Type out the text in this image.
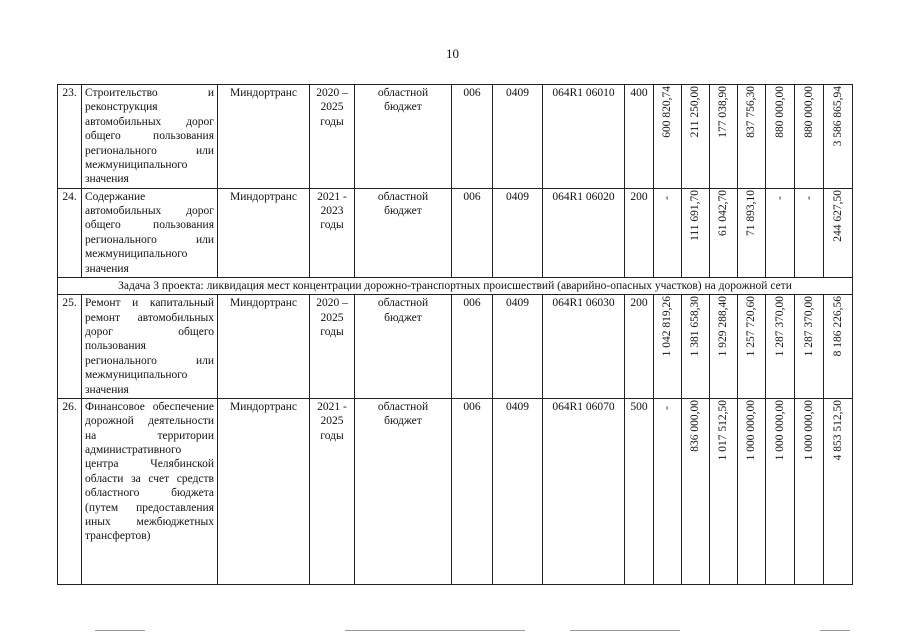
10
23.	Строительство и реконструкция автомобильных дорог общего пользования регионального или межмуниципального значения	Миндортранс	2020 – 2025 годы	областной бюджет	006	0409	064R1 06010	400	600 820,74	211 250,00	177 038,90	837 756,30	880 000,00	880 000,00	3 586 865,94
24.	Содержание автомобильных дорог общего пользования регионального или межмуниципального значения	Миндортранс	2021 - 2023 годы	областной бюджет	006	0409	064R1 06020	200	-	111 691,70	61 042,70	71 893,10	-	-	244 627,50
Задача 3 проекта: ликвидация мест концентрации дорожно-транспортных происшествий (аварийно-опасных участков) на дорожной сети															
25.	Ремонт и капитальный ремонт автомобильных дорог общего пользования регионального или межмуниципального значения	Миндортранс	2020 – 2025 годы	областной бюджет	006	0409	064R1 06030	200	1 042 819,26	1 381 658,30	1 929 288,40	1 257 720,60	1 287 370,00	1 287 370,00	8 186 226,56
26.	Финансовое обеспечение дорожной деятельности на территории административного центра Челябинской области за счет средств областного бюджета (путем предоставления иных межбюджетных трансфертов)	Миндортранс	2021 - 2025 годы	областной бюджет	006	0409	064R1 06070	500	-	836 000,00	1 017 512,50	1 000 000,00	1 000 000,00	1 000 000,00	4 853 512,50
